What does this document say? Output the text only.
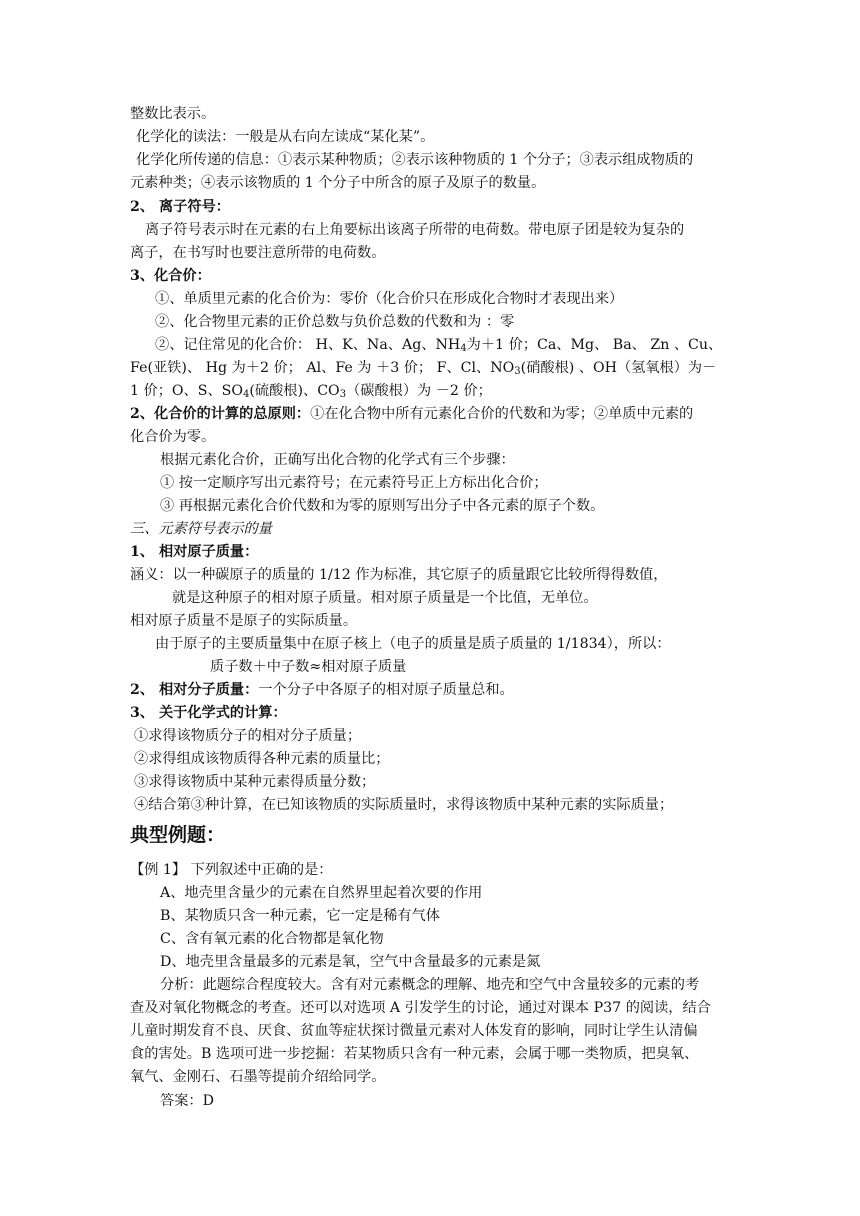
整数比表示。
化学化的读法：一般是从右向左读成“某化某”。
化学化所传递的信息：①表示某种物质；②表示该种物质的 1 个分子；③表示组成物质的
元素种类；④表示该物质的 1 个分子中所含的原子及原子的数量。
2、 离子符号：
离子符号表示时在元素的右上角要标出该离子所带的电荷数。带电原子团是较为复杂的
离子，在书写时也要注意所带的电荷数。
3、化合价：
①、单质里元素的化合价为：零价（化合价只在形成化合物时才表现出来）
②、化合物里元素的正价总数与负价总数的代数和为 ：零
②、记住常见的化合价： H、K、Na、Ag、$NH_4$为＋1 价；Ca、Mg、 Ba、 Zn 、Cu、
Fe(亚铁)、 Hg 为＋2 价； Al、Fe 为 ＋3 价； F、Cl、$NO_3$(硝酸根) 、OH（氢氧根）为－
1 价；O、S、$SO_4$(硫酸根)、$CO_3$（碳酸根）为 －2 价；
2、化合价的计算的总原则：①在化合物中所有元素化合价的代数和为零；②单质中元素的
化合价为零。
根据元素化合价，正确写出化合物的化学式有三个步骤：
① 按一定顺序写出元素符号；在元素符号正上方标出化合价；
③ 再根据元素化合价代数和为零的原则写出分子中各元素的原子个数。
三、元素符号表示的量
1、 相对原子质量：
涵义：以一种碳原子的质量的 1/12 作为标准，其它原子的质量跟它比较所得得数值，
就是这种原子的相对原子质量。相对原子质量是一个比值，无单位。
相对原子质量不是原子的实际质量。
由于原子的主要质量集中在原子核上（电子的质量是质子质量的 1/1834），所以：
质子数＋中子数≈相对原子质量
2、 相对分子质量：一个分子中各原子的相对原子质量总和。
3、 关于化学式的计算：
①求得该物质分子的相对分子质量；
②求得组成该物质得各种元素的质量比；
③求得该物质中某种元素得质量分数；
④结合第③种计算，在已知该物质的实际质量时，求得该物质中某种元素的实际质量；
典型例题：
【例 1】 下列叙述中正确的是：
A、地壳里含量少的元素在自然界里起着次要的作用
B、某物质只含一种元素，它一定是稀有气体
C、含有氧元素的化合物都是氧化物
D、地壳里含量最多的元素是氧，空气中含量最多的元素是氮
分析：此题综合程度较大。含有对元素概念的理解、地壳和空气中含量较多的元素的考
查及对氧化物概念的考查。还可以对选项 A 引发学生的讨论，通过对课本 P37 的阅读，结合
儿童时期发育不良、厌食、贫血等症状探讨微量元素对人体发育的影响，同时让学生认清偏
食的害处。B 选项可进一步挖掘：若某物质只含有一种元素，会属于哪一类物质，把臭氧、
氧气、金刚石、石墨等提前介绍给同学。
答案：D
